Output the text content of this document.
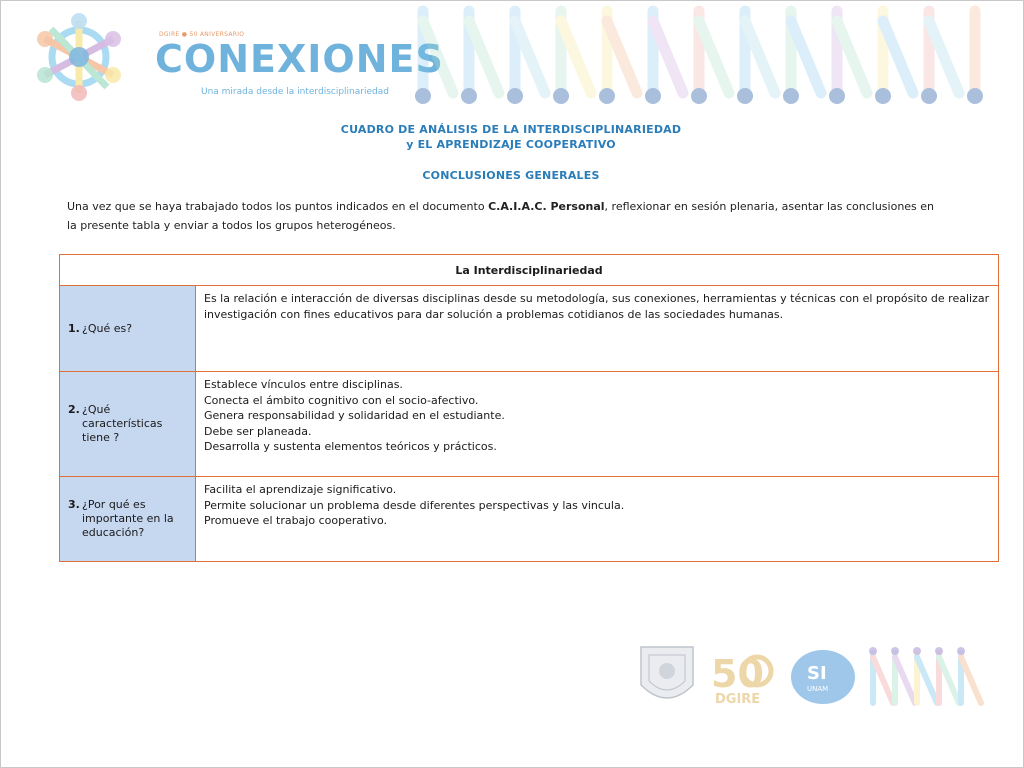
DGIRE ● 50 ANIVERSARIO
CONEXIONES
Una mirada desde la interdisciplinariedad
CUADRO DE ANÁLISIS DE LA INTERDISCIPLINARIEDAD
y EL APRENDIZAJE COOPERATIVO
CONCLUSIONES GENERALES
Una vez que se haya trabajado todos los puntos indicados en el documento C.A.I.A.C. Personal, reflexionar en sesión plenaria, asentar las conclusiones en la presente tabla y enviar a todos los grupos heterogéneos.
La Interdisciplinariedad	

1. ¿Qué es?	Es la relación e interacción de diversas disciplinas desde su metodología, sus conexiones, herramientas y técnicas con el propósito de realizar investigación con fines educativos para dar solución a problemas cotidianos de las sociedades humanas.

2. ¿Qué características tiene ?	Establece vínculos entre disciplinas.
Conecta el ámbito cognitivo con el socio-afectivo.
Genera responsabilidad y solidaridad en el estudiante.
Debe ser planeada.
Desarrolla y sustenta elementos teóricos y prácticos.

3. ¿Por qué es importante en la educación?	Facilita el aprendizaje significativo.
Permite solucionar un problema desde diferentes perspectivas y las vincula.
Promueve el trabajo cooperativo.
50
DGIRE
SI
UNAM
